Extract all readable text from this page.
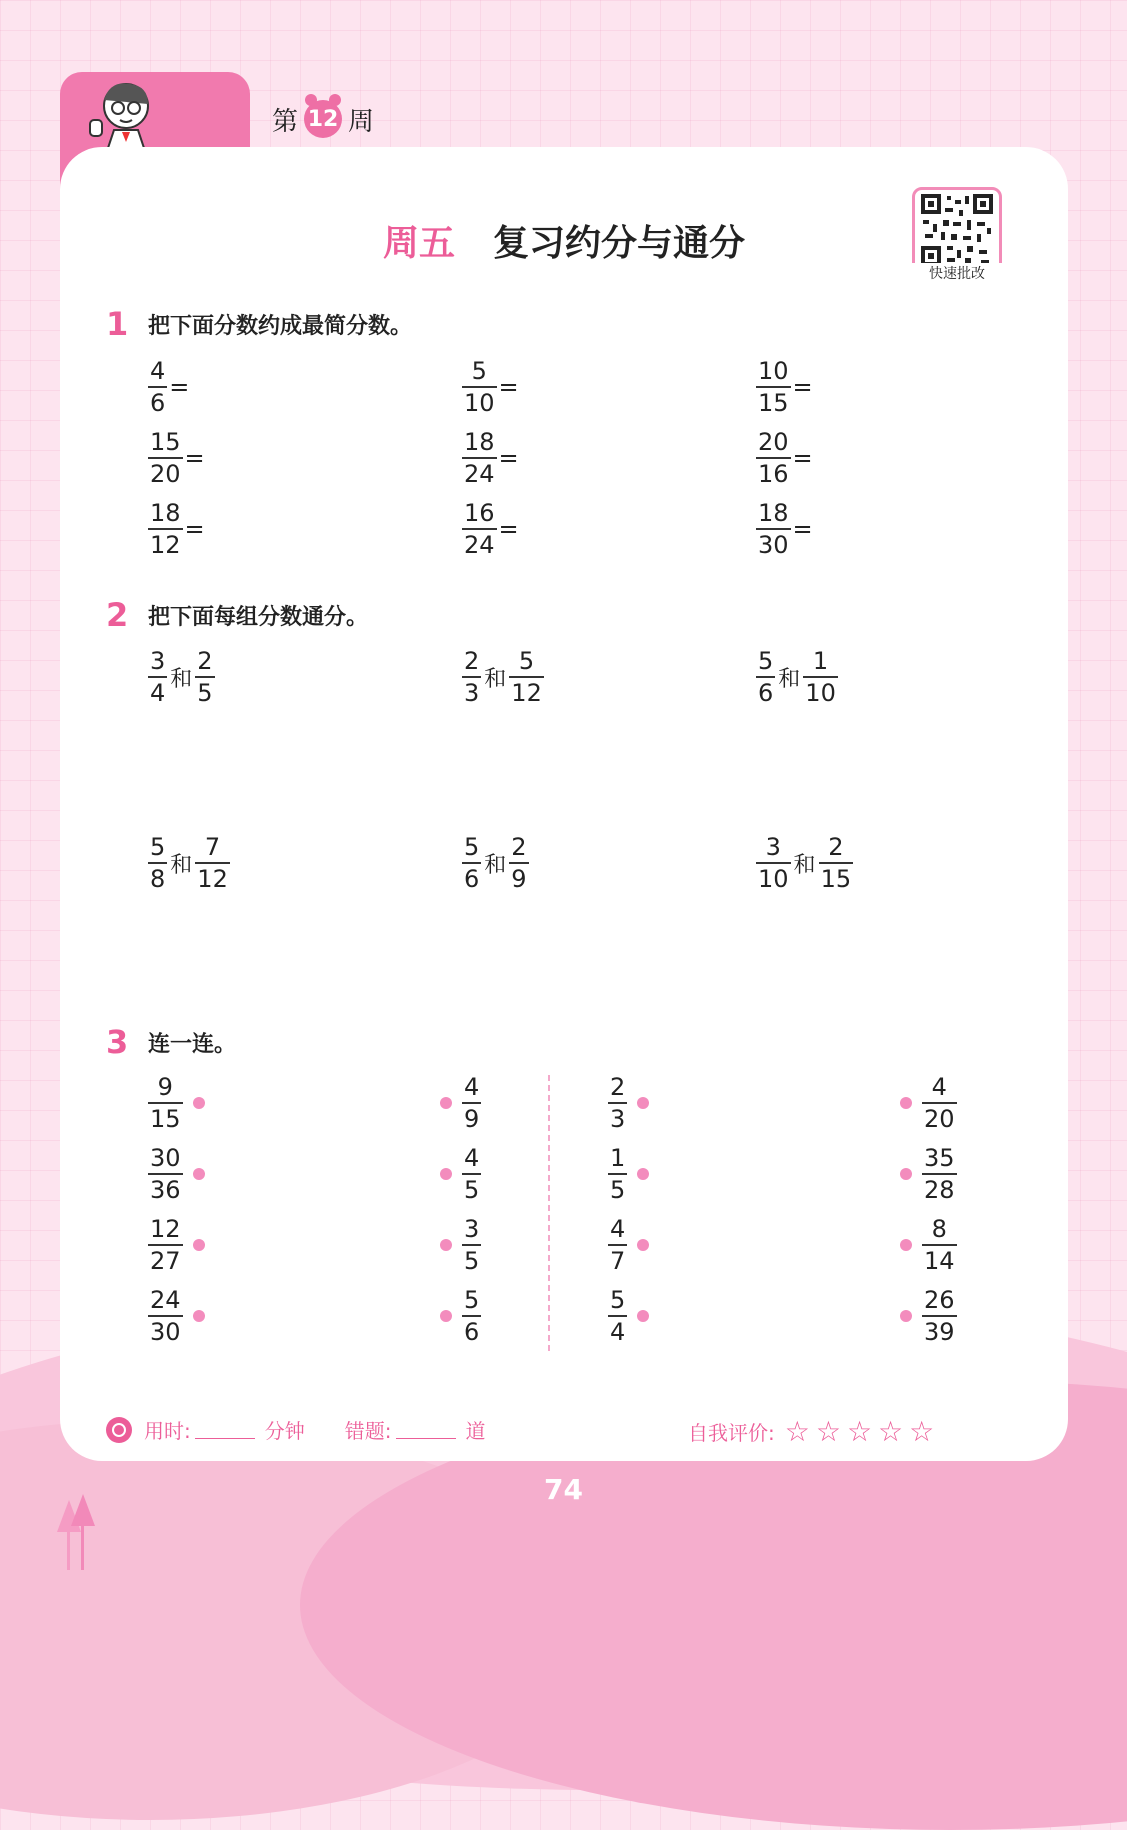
第 12 周
周五 复习约分与通分
快速批改
1 把下面分数约成最简分数。
$\frac{4}{6}$ =	$\frac{5}{10}$ =	$\frac{10}{15}$ =
$\frac{15}{20}$ =	$\frac{18}{24}$ =	$\frac{20}{16}$ =
$\frac{18}{12}$ =	$\frac{16}{24}$ =	$\frac{18}{30}$ =
2 把下面每组分数通分。
$\frac{3}{4}$ 和 $\frac{2}{5}$	$\frac{2}{3}$ 和 $\frac{5}{12}$	$\frac{5}{6}$ 和 $\frac{1}{10}$
$\frac{5}{8}$ 和 $\frac{7}{12}$	$\frac{5}{6}$ 和 $\frac{2}{9}$	$\frac{3}{10}$ 和 $\frac{2}{15}$
3 连一连。
$\frac{9}{15}$
$\frac{30}{36}$
$\frac{12}{27}$
$\frac{24}{30}$
$\frac{4}{9}$
$\frac{4}{5}$
$\frac{3}{5}$
$\frac{5}{6}$
$\frac{2}{3}$
$\frac{1}{5}$
$\frac{4}{7}$
$\frac{5}{4}$
$\frac{4}{20}$
$\frac{35}{28}$
$\frac{8}{14}$
$\frac{26}{39}$
用时:	分钟 错题:	道	自我评价: ☆☆☆☆☆
74
